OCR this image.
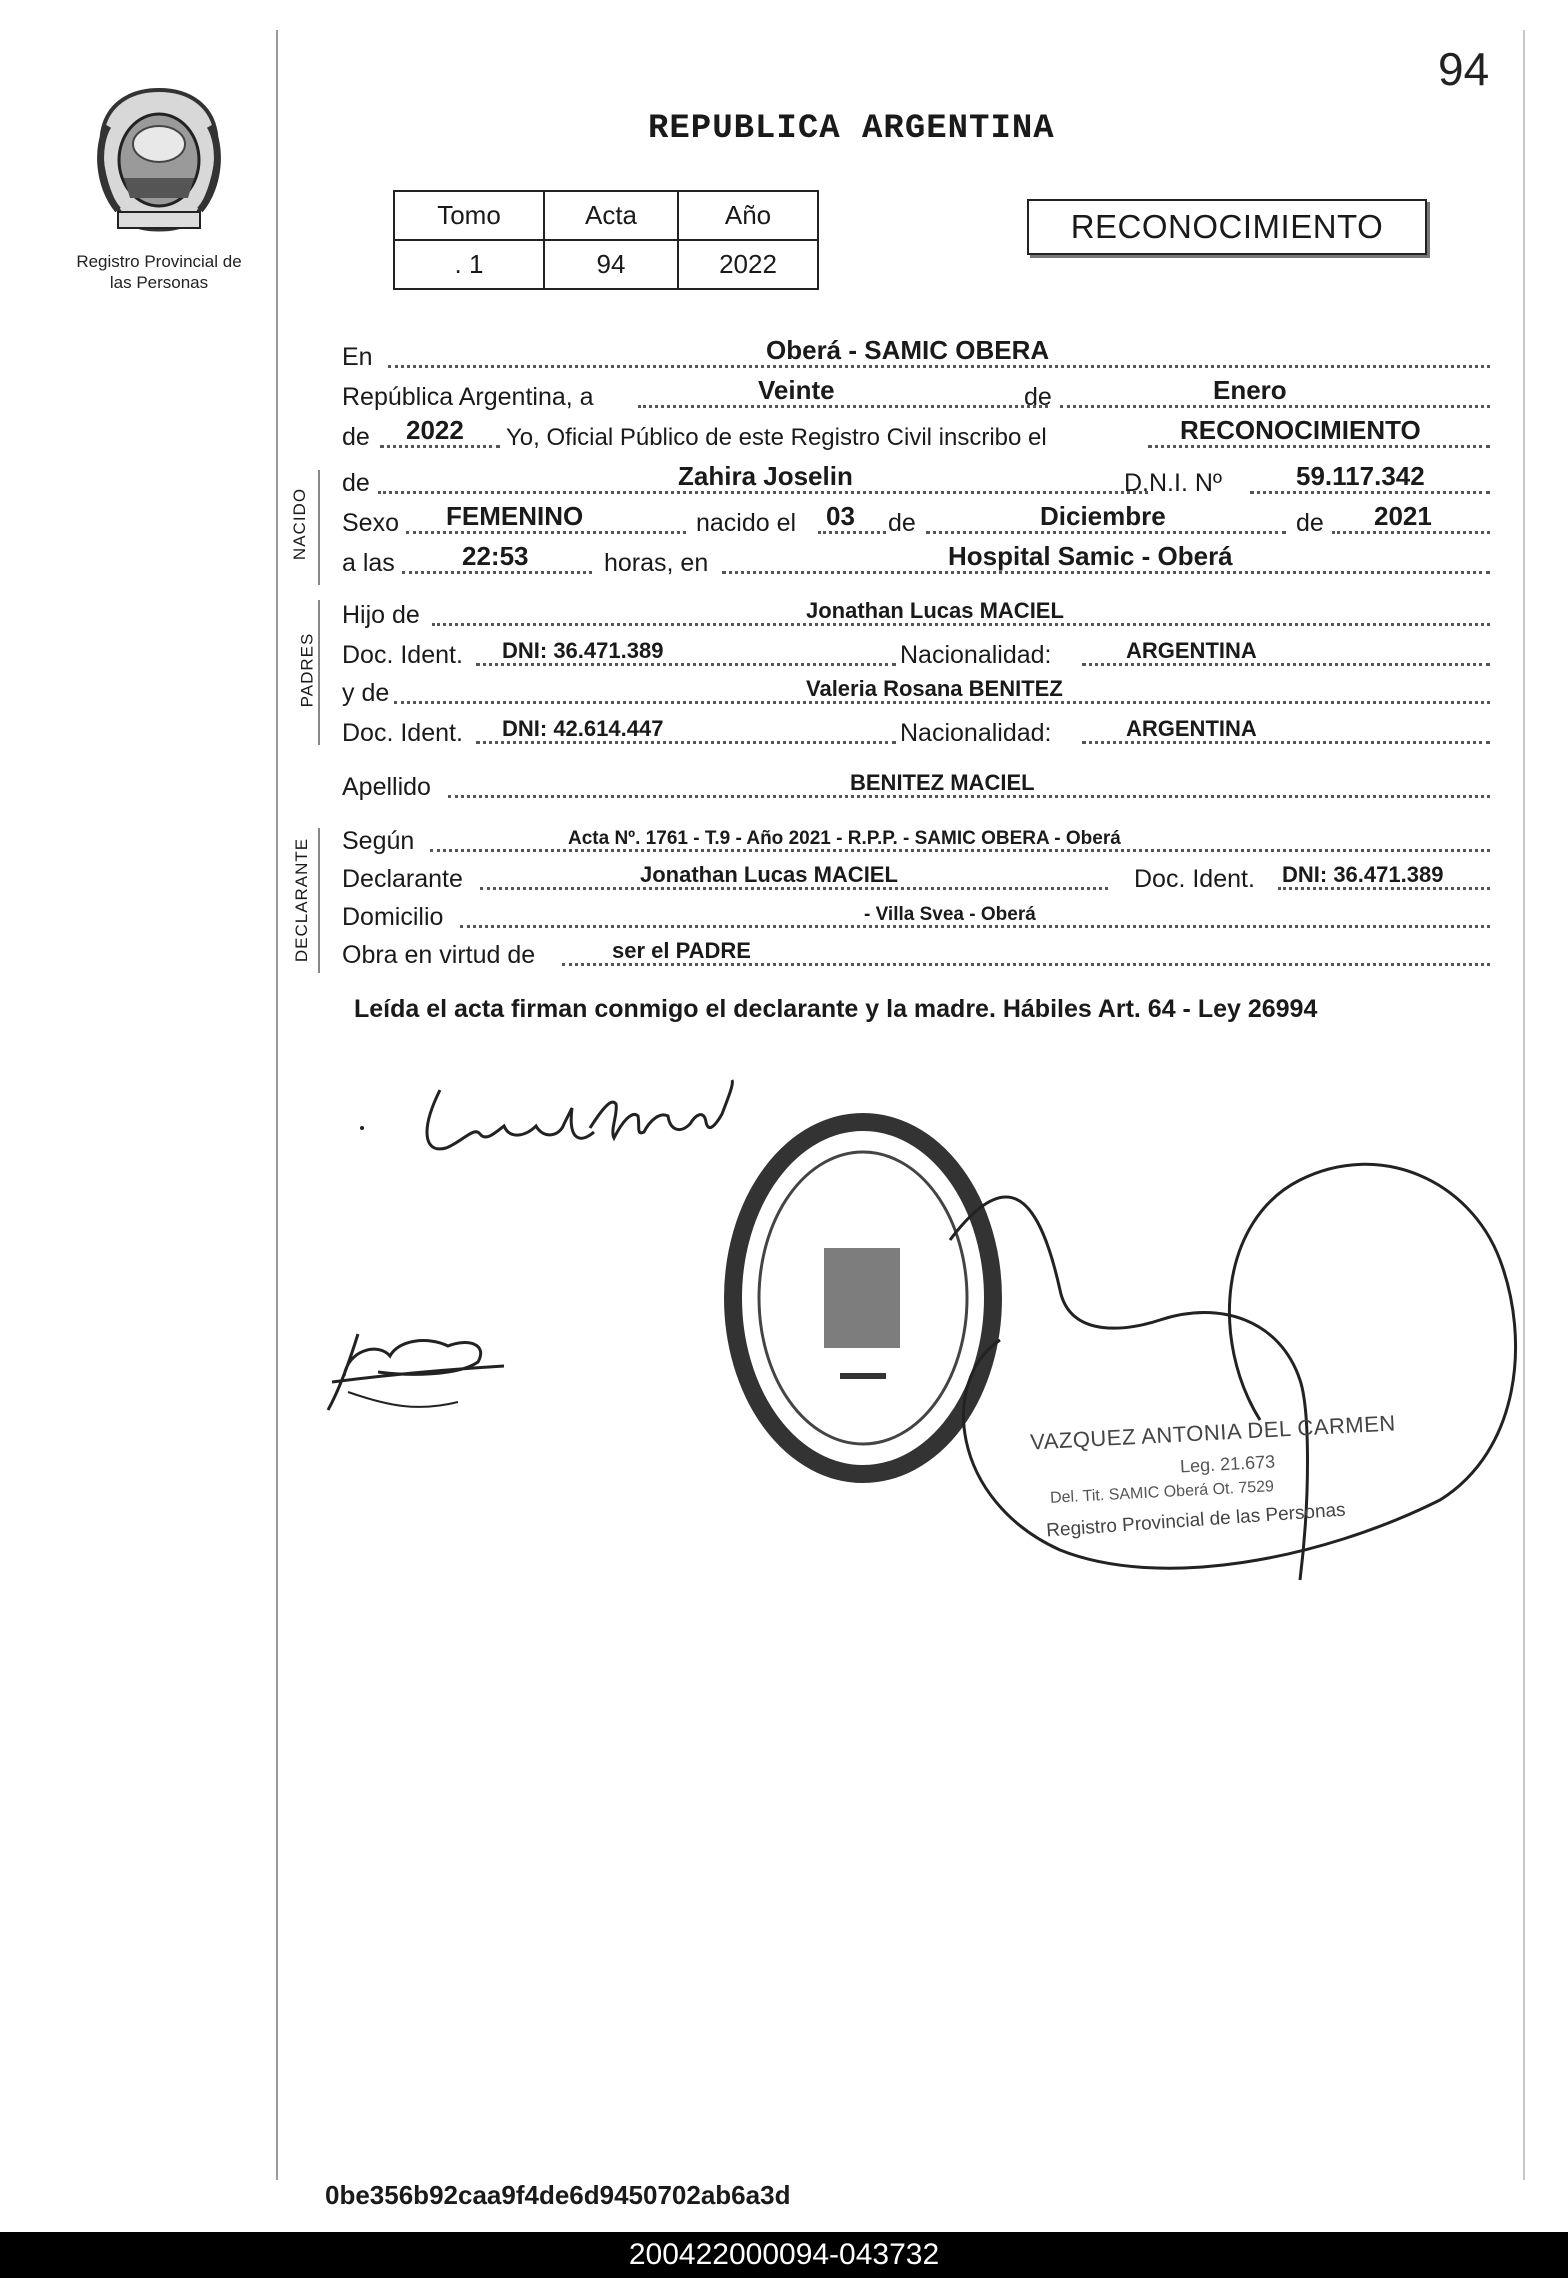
94
REPUBLICA ARGENTINA
Registro Provincial de las Personas
Tomo	Acta	Año
. 1	94	2022
RECONOCIMIENTO
En	Oberá - SAMIC OBERA
República Argentina, a	Veinte	de	Enero
de 2022 Yo, Oficial Público de este Registro Civil inscribo el	RECONOCIMIENTO
NACIDO
de	Zahira Joselin	D.N.I. Nº	59.117.342
Sexo FEMENINO	nacido el 03 de	Diciembre	de 2021
a las	22:53	horas, en	Hospital Samic - Oberá
PADRES
Hijo de	Jonathan Lucas MACIEL
Doc. Ident. DNI: 36.471.389	Nacionalidad:	ARGENTINA
y de	Valeria Rosana BENITEZ
Doc. Ident. DNI: 42.614.447	Nacionalidad:	ARGENTINA
Apellido	BENITEZ MACIEL
DECLARANTE Según	Acta Nº. 1761 - T.9 - Año 2021 - R.P.P. - SAMIC OBERA - Oberá
Declarante	Jonathan Lucas MACIEL	Doc. Ident. DNI: 36.471.389
Domicilio	- Villa Svea - Oberá
Obra en virtud de	ser el PADRE
Leída el acta firman conmigo el declarante y la madre. Hábiles Art. 64 - Ley 26994
VAZQUEZ ANTONIA DEL CARMEN
Leg. 21.673
Del. Tit. SAMIC Oberá Ot. 7529
Registro Provincial de las Personas
0be356b92caa9f4de6d9450702ab6a3d
200422000094-043732
